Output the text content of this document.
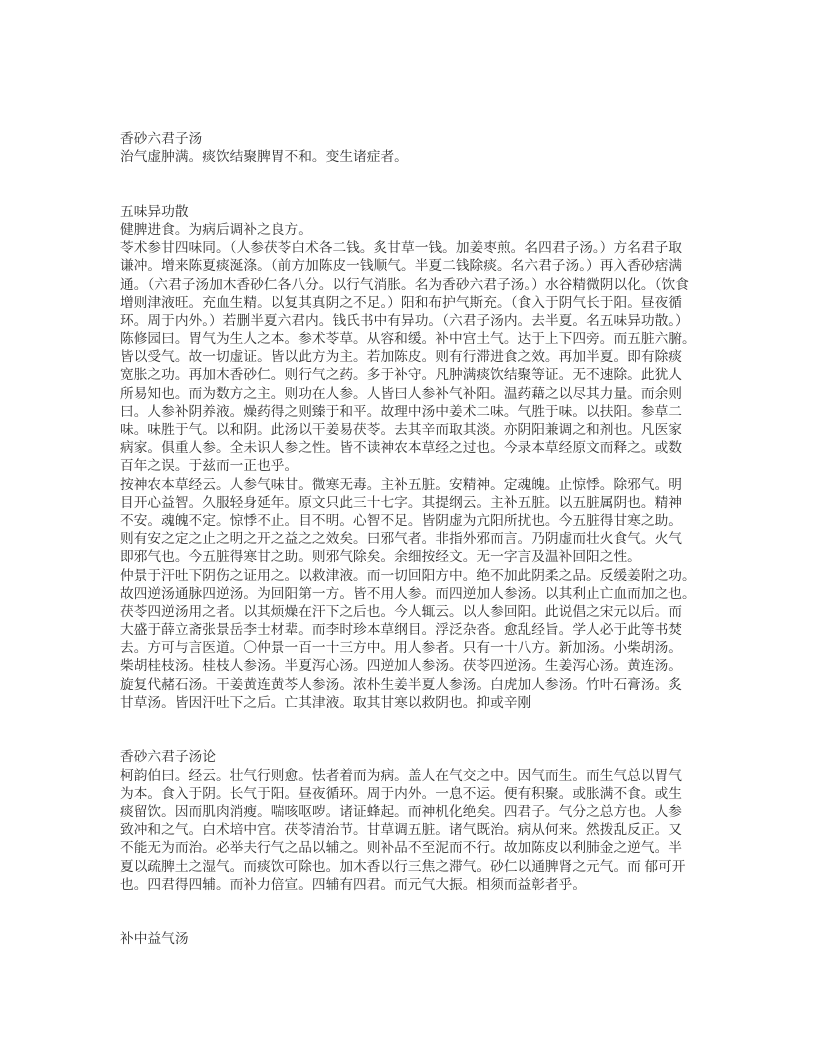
香砂六君子汤
治气虚肿满。痰饮结聚脾胃不和。变生诸症者。
五味异功散
健脾进食。为病后调补之良方。
苓术参甘四味同。（人参茯苓白术各二钱。炙甘草一钱。加姜枣煎。名四君子汤。）方名君子取
谦冲。增来陈夏痰涎涤。（前方加陈皮一钱顺气。半夏二钱除痰。名六君子汤。）再入香砂痞满
通。（六君子汤加木香砂仁各八分。以行气消胀。名为香砂六君子汤。）水谷精微阴以化。（饮食
增则津液旺。充血生精。以复其真阴之不足。）阳和布护气斯充。（食入于阴气长于阳。昼夜循
环。周于内外。）若删半夏六君内。钱氏书中有异功。（六君子汤内。去半夏。名五味异功散。）
陈修园曰。胃气为生人之本。参术苓草。从容和缓。补中宫土气。达于上下四旁。而五脏六腑。
皆以受气。故一切虚证。皆以此方为主。若加陈皮。则有行滞进食之效。再加半夏。即有除痰
宽胀之功。再加木香砂仁。则行气之药。多于补守。凡肿满痰饮结聚等证。无不速除。此犹人
所易知也。而为数方之主。则功在人参。人皆曰人参补气补阳。温药藉之以尽其力量。而余则
曰。人参补阴养液。燥药得之则臻于和平。故理中汤中姜术二味。气胜于味。以扶阳。参草二
味。味胜于气。以和阴。此汤以干姜易茯苓。去其辛而取其淡。亦阴阳兼调之和剂也。凡医家
病家。俱重人参。全未识人参之性。皆不读神农本草经之过也。今录本草经原文而释之。或数
百年之误。于兹而一正也乎。
按神农本草经云。人参气味甘。微寒无毒。主补五脏。安精神。定魂魄。止惊悸。除邪气。明
目开心益智。久服轻身延年。原文只此三十七字。其提纲云。主补五脏。以五脏属阴也。精神
不安。魂魄不定。惊悸不止。目不明。心智不足。皆阴虚为亢阳所扰也。今五脏得甘寒之助。
则有安之定之止之明之开之益之之效矣。曰邪气者。非指外邪而言。乃阴虚而壮火食气。火气
即邪气也。今五脏得寒甘之助。则邪气除矣。余细按经文。无一字言及温补回阳之性。
仲景于汗吐下阴伤之证用之。以救津液。而一切回阳方中。绝不加此阴柔之品。反缓姜附之功。
故四逆汤通脉四逆汤。为回阳第一方。皆不用人参。而四逆加人参汤。以其利止亡血而加之也。
茯苓四逆汤用之者。以其烦燥在汗下之后也。今人辄云。以人参回阳。此说倡之宋元以后。而
大盛于薛立斋张景岳李士材辈。而李时珍本草纲目。浮泛杂沓。愈乱经旨。学人必于此等书焚
去。方可与言医道。〇仲景一百一十三方中。用人参者。只有一十八方。新加汤。小柴胡汤。
柴胡桂枝汤。桂枝人参汤。半夏泻心汤。四逆加人参汤。茯苓四逆汤。生姜泻心汤。黄连汤。
旋复代赭石汤。干姜黄连黄芩人参汤。浓朴生姜半夏人参汤。白虎加人参汤。竹叶石膏汤。炙
甘草汤。皆因汗吐下之后。亡其津液。取其甘寒以救阴也。抑或辛刚
香砂六君子汤论
柯韵伯曰。经云。壮气行则愈。怯者着而为病。盖人在气交之中。因气而生。而生气总以胃气
为本。食入于阴。长气于阳。昼夜循环。周于内外。一息不运。便有积聚。或胀满不食。或生
痰留饮。因而肌肉消瘦。喘咳呕哕。诸证蜂起。而神机化绝矣。四君子。气分之总方也。人参
致冲和之气。白术培中宫。茯苓清治节。甘草调五脏。诸气既治。病从何来。然拨乱反正。又
不能无为而治。必举夫行气之品以辅之。则补品不至泥而不行。故加陈皮以利肺金之逆气。半
夏以疏脾土之湿气。而痰饮可除也。加木香以行三焦之滞气。砂仁以通脾肾之元气。而 郁可开
也。四君得四辅。而补力倍宣。四辅有四君。而元气大振。相须而益彰者乎。
补中益气汤
